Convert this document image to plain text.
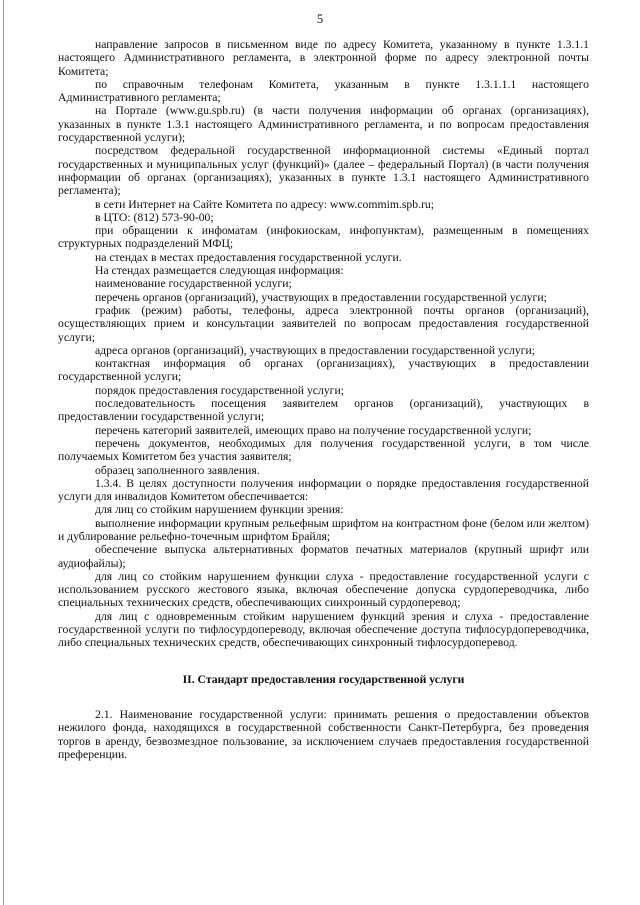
5

направление запросов в письменном виде по адресу Комитета, указанному в пункте 1.3.1.1 настоящего Административного регламента, в электронной форме по адресу электронной почты Комитета;

по справочным телефонам Комитета, указанным в пункте 1.3.1.1.1 настоящего Административного регламента;

на Портале (www.gu.spb.ru) (в части получения информации об органах (организациях), указанных в пункте 1.3.1 настоящего Административного регламента, и по вопросам предоставления государственной услуги);

посредством федеральной государственной информационной системы «Единый портал государственных и муниципальных услуг (функций)» (далее – федеральный Портал) (в части получения информации об органах (организациях), указанных в пункте 1.3.1 настоящего Административного регламента);

в сети Интернет на Сайте Комитета по адресу: www.commim.spb.ru;

в ЦТО: (812) 573-90-00;

при обращении к инфоматам (инфокиоскам, инфопунктам), размещенным в помещениях структурных подразделений МФЦ;

на стендах в местах предоставления государственной услуги.

На стендах размещается следующая информация:

наименование государственной услуги;

перечень органов (организаций), участвующих в предоставлении государственной услуги;

график (режим) работы, телефоны, адреса электронной почты органов (организаций), осуществляющих прием и консультации заявителей по вопросам предоставления государственной услуги;

адреса органов (организаций), участвующих в предоставлении государственной услуги;

контактная информация об органах (организациях), участвующих в предоставлении государственной услуги;

порядок предоставления государственной услуги;

последовательность посещения заявителем органов (организаций), участвующих в предоставлении государственной услуги;

перечень категорий заявителей, имеющих право на получение государственной услуги;

перечень документов, необходимых для получения государственной услуги, в том числе получаемых Комитетом без участия заявителя;

образец заполненного заявления.

1.3.4. В целях доступности получения информации о порядке предоставления государственной услуги для инвалидов Комитетом обеспечивается:

для лиц со стойким нарушением функции зрения:

выполнение информации крупным рельефным шрифтом на контрастном фоне (белом или желтом) и дублирование рельефно-точечным шрифтом Брайля;

обеспечение выпуска альтернативных форматов печатных материалов (крупный шрифт или аудиофайлы);

для лиц со стойким нарушением функции слуха - предоставление государственной услуги с использованием русского жестового языка, включая обеспечение допуска сурдопереводчика, либо специальных технических средств, обеспечивающих синхронный сурдоперевод;

для лиц с одновременным стойким нарушением функций зрения и слуха - предоставление государственной услуги по тифлосурдопереводу, включая обеспечение доступа тифлосурдопереводчика, либо специальных технических средств, обеспечивающих синхронный тифлосурдоперевод.

II. Стандарт предоставления государственной услуги

2.1. Наименование государственной услуги: принимать решения о предоставлении объектов нежилого фонда, находящихся в государственной собственности Санкт-Петербурга, без проведения торгов в аренду, безвозмездное пользование, за исключением случаев предоставления государственной преференции.
